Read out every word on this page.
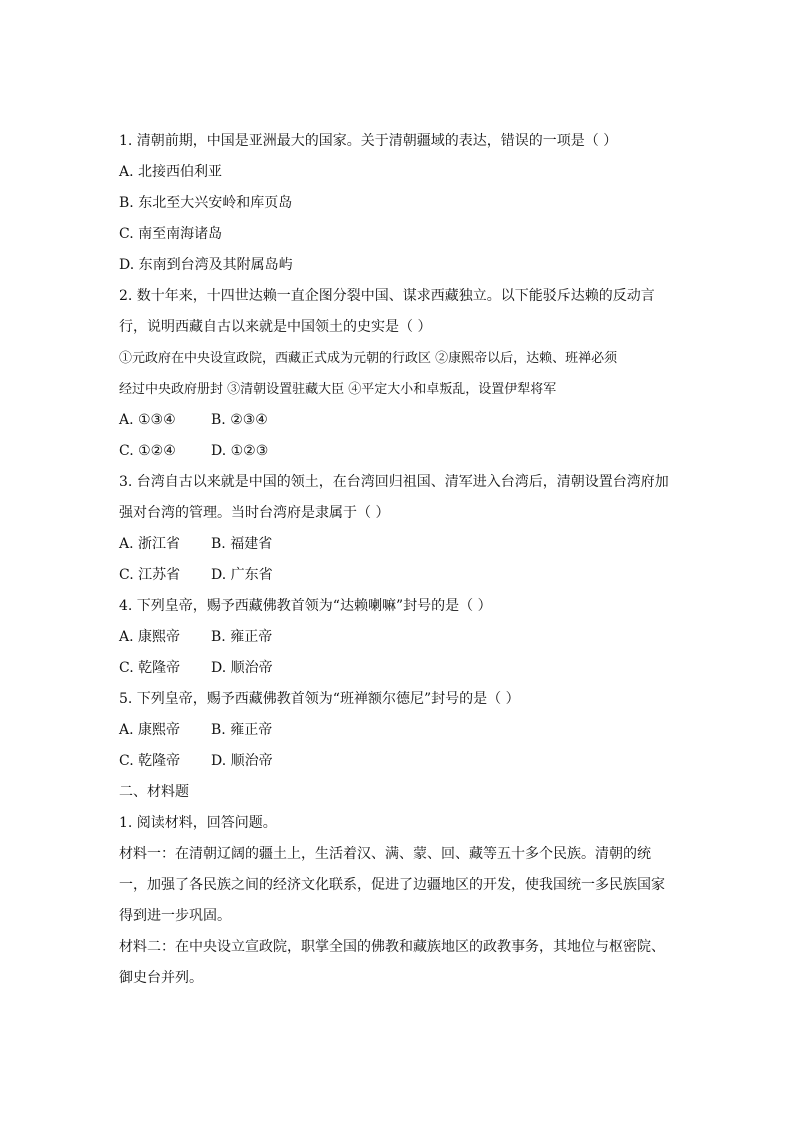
1. 清朝前期，中国是亚洲最大的国家。关于清朝疆域的表达，错误的一项是（ ）
A. 北接西伯利亚
B. 东北至大兴安岭和库页岛
C. 南至南海诸岛
D. 东南到台湾及其附属岛屿
2. 数十年来，十四世达赖一直企图分裂中国、谋求西藏独立。以下能驳斥达赖的反动言
行，说明西藏自古以来就是中国领土的史实是（ ）
①元政府在中央设宣政院，西藏正式成为元朝的行政区 ②康熙帝以后，达赖、班禅必须
经过中央政府册封 ③清朝设置驻藏大臣 ④平定大小和卓叛乱，设置伊犁将军
A. ①③④	B. ②③④
C. ①②④	D. ①②③
3. 台湾自古以来就是中国的领土，在台湾回归祖国、清军进入台湾后，清朝设置台湾府加
强对台湾的管理。当时台湾府是隶属于（ ）
A. 浙江省	B. 福建省
C. 江苏省	D. 广东省
4. 下列皇帝，赐予西藏佛教首领为“达赖喇嘛”封号的是（ ）
A. 康熙帝	B. 雍正帝
C. 乾隆帝	D. 顺治帝
5. 下列皇帝，赐予西藏佛教首领为“班禅额尔德尼”封号的是（ ）
A. 康熙帝	B. 雍正帝
C. 乾隆帝	D. 顺治帝
二、材料题
1. 阅读材料，回答问题。
材料一：在清朝辽阔的疆土上，生活着汉、满、蒙、回、藏等五十多个民族。清朝的统
一，加强了各民族之间的经济文化联系，促进了边疆地区的开发，使我国统一多民族国家
得到进一步巩固。
材料二：在中央设立宣政院，职掌全国的佛教和藏族地区的政教事务，其地位与枢密院、
御史台并列。
